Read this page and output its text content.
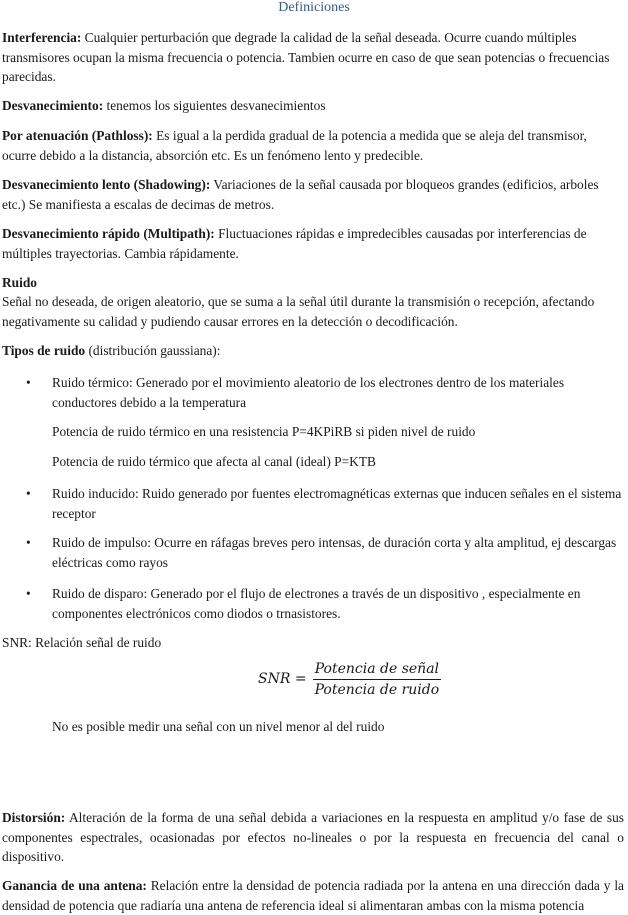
Definiciones
Interferencia: Cualquier perturbación que degrade la calidad de la señal deseada. Ocurre cuando múltiples transmisores ocupan la misma frecuencia o potencia. Tambien ocurre en caso de que sean potencias o frecuencias parecidas.
Desvanecimiento: tenemos los siguientes desvanecimientos
Por atenuación (Pathloss): Es igual a la perdida gradual de la potencia a medida que se aleja del transmisor, ocurre debido a la distancia, absorción etc. Es un fenómeno lento y predecible.
Desvanecimiento lento (Shadowing): Variaciones de la señal causada por bloqueos grandes (edificios, arboles etc.) Se manifiesta a escalas de decimas de metros.
Desvanecimiento rápido (Multipath): Fluctuaciones rápidas e impredecibles causadas por interferencias de múltiples trayectorias. Cambia rápidamente.
Ruido
Señal no deseada, de origen aleatorio, que se suma a la señal útil durante la transmisión o recepción, afectando negativamente su calidad y pudiendo causar errores en la detección o decodificación.
Tipos de ruido (distribución gaussiana):
• Ruido térmico: Generado por el movimiento aleatorio de los electrones dentro de los materiales conductores debido a la temperatura
Potencia de ruido térmico en una resistencia P=4KPiRB si piden nivel de ruido
Potencia de ruido térmico que afecta al canal (ideal) P=KTB
• Ruido inducido: Ruido generado por fuentes electromagnéticas externas que inducen señales en el sistema receptor
• Ruido de impulso: Ocurre en ráfagas breves pero intensas, de duración corta y alta amplitud, ej descargas eléctricas como rayos
• Ruido de disparo: Generado por el flujo de electrones a través de un dispositivo , especialmente en componentes electrónicos como diodos o trnasistores.
SNR: Relación señal de ruido
SNR = $\frac{\text{Potencia de señal}}{\text{Potencia de ruido}}$
No es posible medir una señal con un nivel menor al del ruido
Distorsión: Alteración de la forma de una señal debida a variaciones en la respuesta en amplitud y/o fase de sus componentes espectrales, ocasionadas por efectos no-lineales o por la respuesta en frecuencia del canal o dispositivo.
Ganancia de una antena: Relación entre la densidad de potencia radiada por la antena en una dirección dada y la densidad de potencia que radiaría una antena de referencia ideal si alimentaran ambas con la misma potencia
